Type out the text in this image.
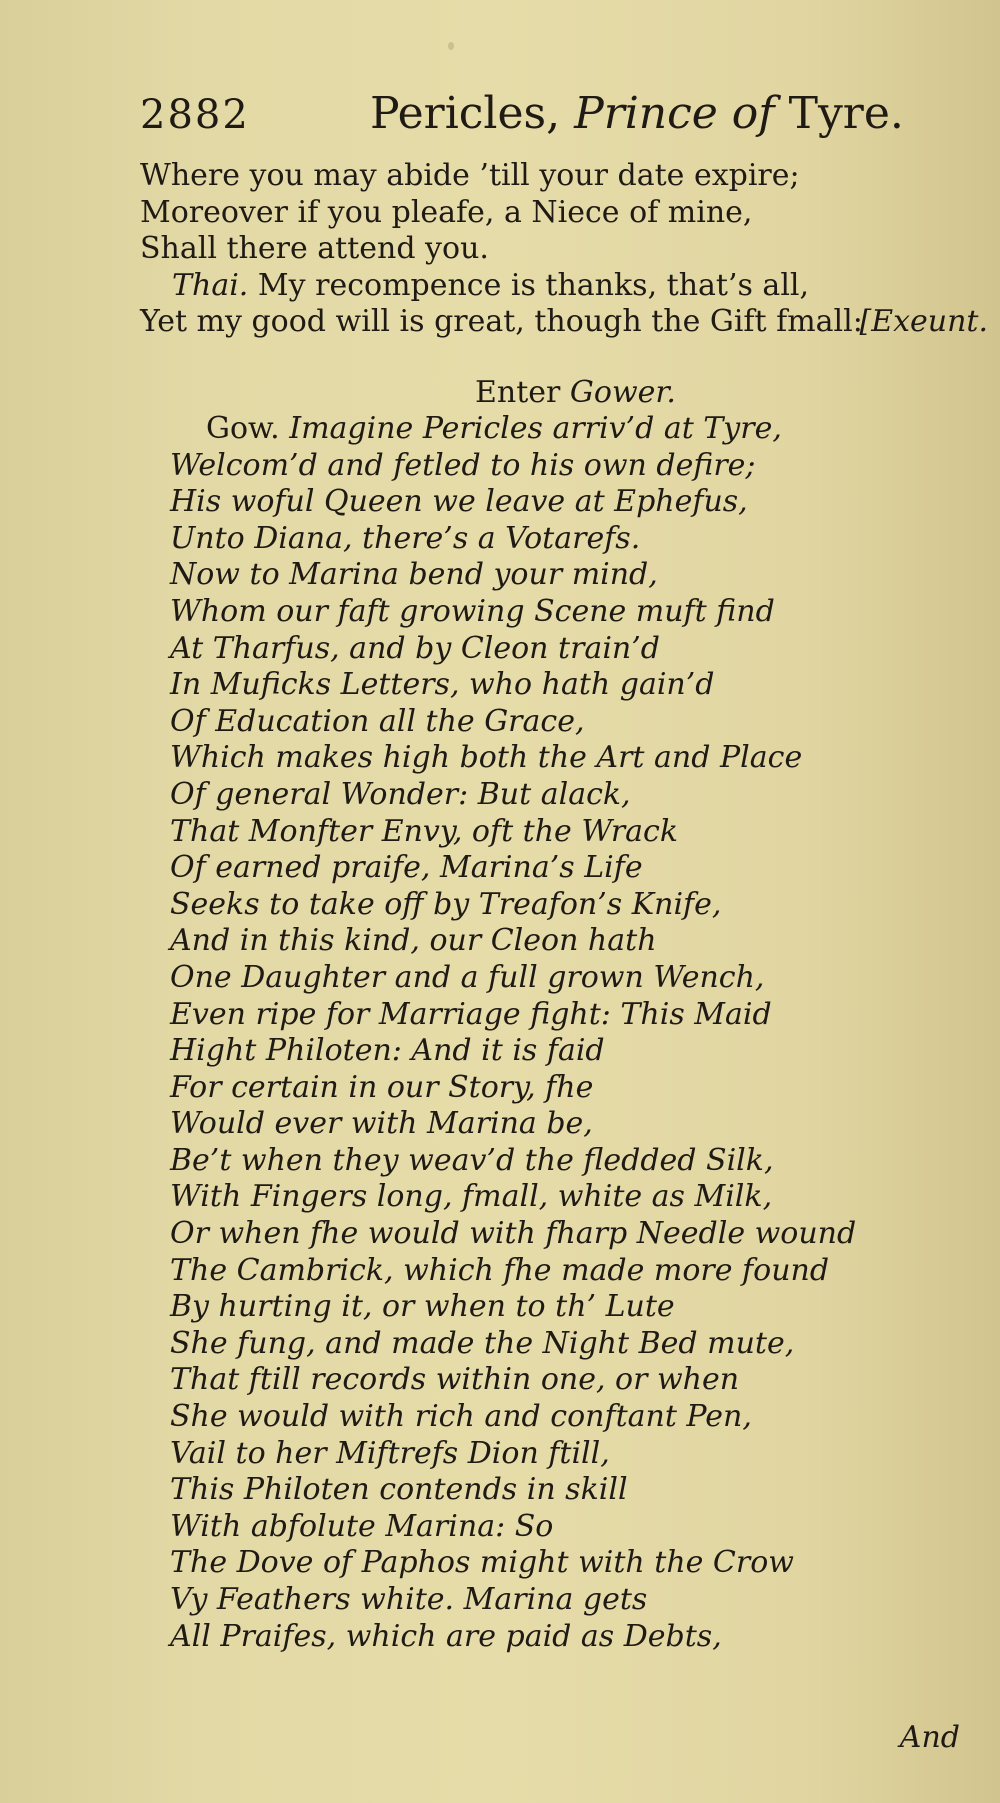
2882	Pericles, Prince of Tyre.
Where you may abide ’till your date expire;
Moreover if you pleafe, a Niece of mine,
Shall there attend you.
Thai. My recompence is thanks, that’s all,
Yet my good will is great, though the Gift fmall:
[Exeunt.
Enter Gower.
Gow. Imagine Pericles arriv’d at Tyre,
Welcom’d and fetled to his own defire;
His woful Queen we leave at Ephefus,
Unto Diana, there’s a Votarefs.
Now to Marina bend your mind,
Whom our faft growing Scene muft find
At Tharfus, and by Cleon train’d
In Muficks Letters, who hath gain’d
Of Education all the Grace,
Which makes high both the Art and Place
Of general Wonder: But alack,
That Monfter Envy, oft the Wrack
Of earned praife, Marina’s Life
Seeks to take off by Treafon’s Knife,
And in this kind, our Cleon hath
One Daughter and a full grown Wench,
Even ripe for Marriage fight: This Maid
Hight Philoten: And it is faid
For certain in our Story, fhe
Would ever with Marina be,
Be’t when they weav’d the fledded Silk,
With Fingers long, fmall, white as Milk,
Or when fhe would with fharp Needle wound
The Cambrick, which fhe made more found
By hurting it, or when to th’ Lute
She fung, and made the Night Bed mute,
That ftill records within one, or when
She would with rich and conftant Pen,
Vail to her Miftrefs Dion ftill,
This Philoten contends in skill
With abfolute Marina: So
The Dove of Paphos might with the Crow
Vy Feathers white. Marina gets
All Praifes, which are paid as Debts,
And
